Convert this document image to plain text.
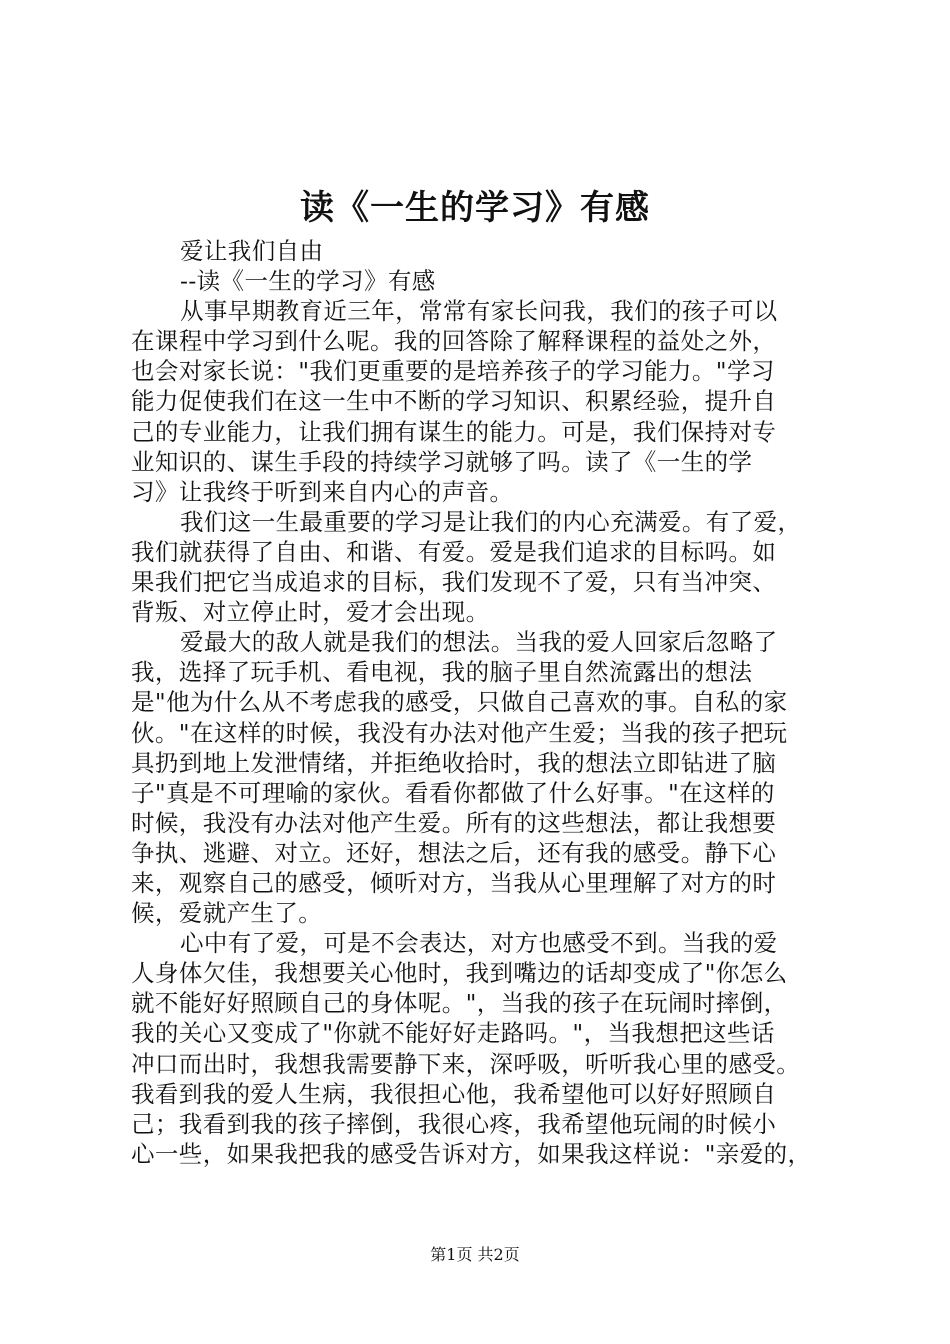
读《一生的学习》有感
爱让我们自由
--读《一生的学习》有感
从事早期教育近三年，常常有家长问我，我们的孩子可以
在课程中学习到什么呢。我的回答除了解释课程的益处之外，
也会对家长说："我们更重要的是培养孩子的学习能力。"学习
能力促使我们在这一生中不断的学习知识、积累经验，提升自
己的专业能力，让我们拥有谋生的能力。可是，我们保持对专
业知识的、谋生手段的持续学习就够了吗。读了《一生的学
习》让我终于听到来自内心的声音。
我们这一生最重要的学习是让我们的内心充满爱。有了爱，
我们就获得了自由、和谐、有爱。爱是我们追求的目标吗。如
果我们把它当成追求的目标，我们发现不了爱，只有当冲突、
背叛、对立停止时，爱才会出现。
爱最大的敌人就是我们的想法。当我的爱人回家后忽略了
我，选择了玩手机、看电视，我的脑子里自然流露出的想法
是"他为什么从不考虑我的感受，只做自己喜欢的事。自私的家
伙。"在这样的时候，我没有办法对他产生爱；当我的孩子把玩
具扔到地上发泄情绪，并拒绝收拾时，我的想法立即钻进了脑
子"真是不可理喻的家伙。看看你都做了什么好事。"在这样的
时候，我没有办法对他产生爱。所有的这些想法，都让我想要
争执、逃避、对立。还好，想法之后，还有我的感受。静下心
来，观察自己的感受，倾听对方，当我从心里理解了对方的时
候，爱就产生了。
心中有了爱，可是不会表达，对方也感受不到。当我的爱
人身体欠佳，我想要关心他时，我到嘴边的话却变成了"你怎么
就不能好好照顾自己的身体呢。"，当我的孩子在玩闹时摔倒，
我的关心又变成了"你就不能好好走路吗。"，当我想把这些话
冲口而出时，我想我需要静下来，深呼吸，听听我心里的感受。
我看到我的爱人生病，我很担心他，我希望他可以好好照顾自
己；我看到我的孩子摔倒，我很心疼，我希望他玩闹的时候小
心一些，如果我把我的感受告诉对方，如果我这样说："亲爱的，
第1页 共2页
